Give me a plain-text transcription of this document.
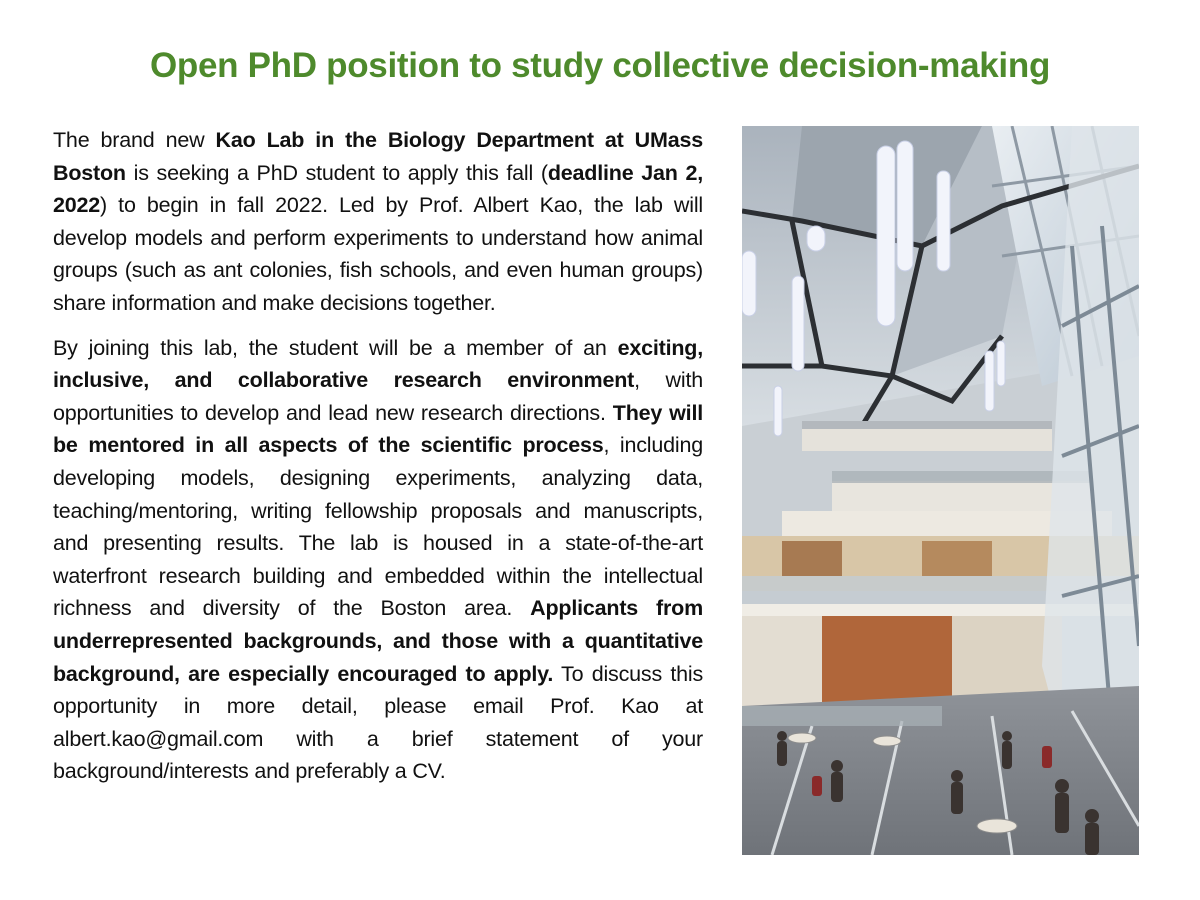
Open PhD position to study collective decision-making

The brand new Kao Lab in the Biology Department at UMass Boston is seeking a PhD student to apply this fall (deadline Jan 2, 2022) to begin in fall 2022. Led by Prof. Albert Kao, the lab will develop models and perform experiments to understand how animal groups (such as ant colonies, fish schools, and even human groups) share information and make decisions together.

By joining this lab, the student will be a member of an exciting, inclusive, and collaborative research environment, with opportunities to develop and lead new research directions. They will be mentored in all aspects of the scientific process, including developing models, designing experiments, analyzing data, teaching/mentoring, writing fellowship proposals and manuscripts, and presenting results. The lab is housed in a state-of-the-art waterfront research building and embedded within the intellectual richness and diversity of the Boston area. Applicants from underrepresented backgrounds, and those with a quantitative background, are especially encouraged to apply. To discuss this opportunity in more detail, please email Prof. Kao at albert.kao@gmail.com with a brief statement of your background/interests and preferably a CV.
